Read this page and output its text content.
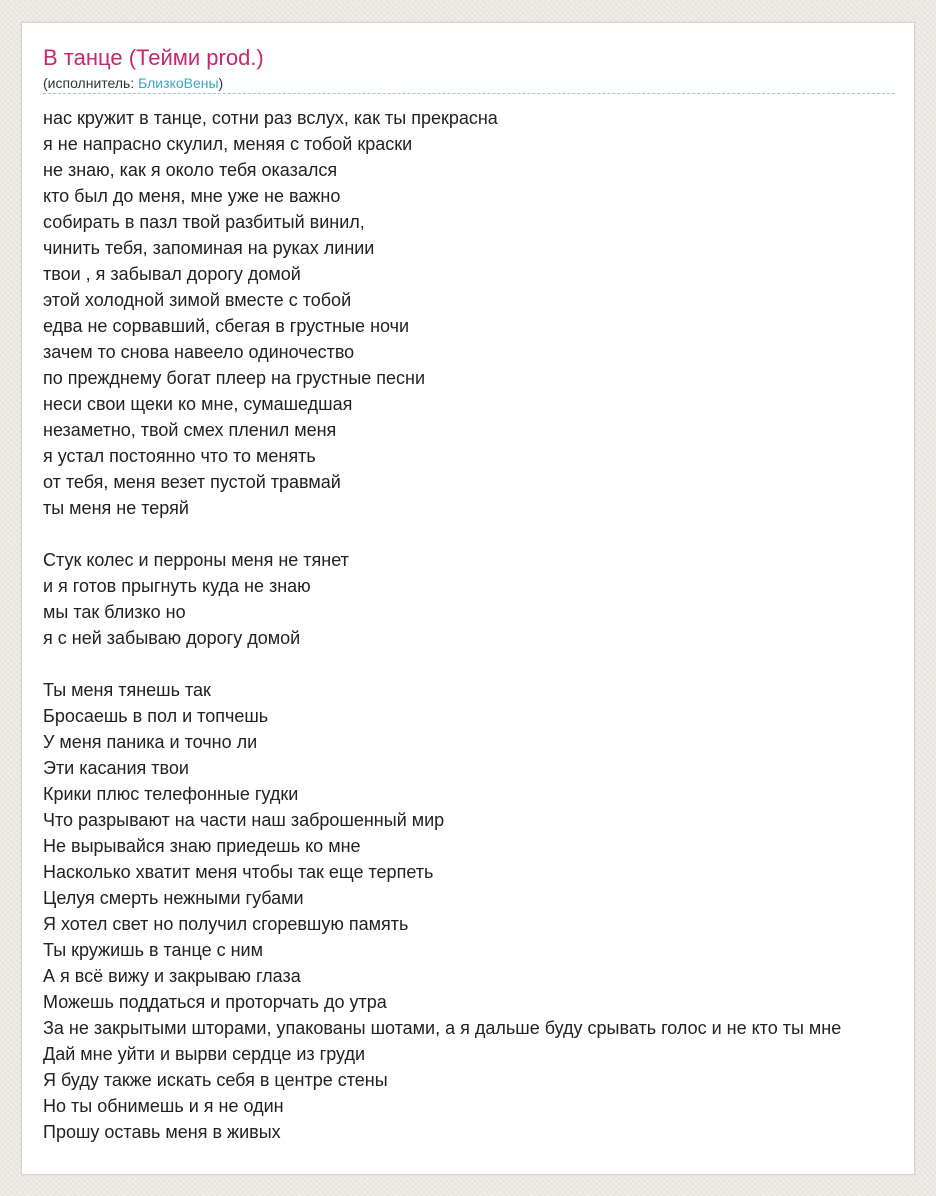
В танце (Тейми prod.)
(исполнитель: БлизкоВены)
нас кружит в танце, сотни раз вслух, как ты прекрасна
я не напрасно скулил, меняя с тобой краски
не знаю, как я около тебя оказался
кто был до меня, мне уже не важно
собирать в пазл твой разбитый винил,
чинить тебя, запоминая на руках линии
твои , я забывал дорогу домой
этой холодной зимой вместе с тобой
едва не сорвавший, сбегая в грустные ночи
зачем то снова навеело одиночество
по прежднему богат плеер на грустные песни
неси свои щеки ко мне, сумашедшая
незаметно, твой смех пленил меня
я устал постоянно что то менять
от тебя, меня везет пустой травмай
ты меня не теряй
Стук колес и перроны меня не тянет
и я готов прыгнуть куда не знаю
мы так близко но
я с ней забываю дорогу домой
Ты меня тянешь так
Бросаешь в пол и топчешь
У меня паника и точно ли
Эти касания твои
Крики плюс телефонные гудки
Что разрывают на части наш заброшенный мир
Не вырывайся знаю приедешь ко мне
Насколько хватит меня чтобы так еще терпеть
Целуя смерть нежными губами
Я хотел свет но получил сгоревшую память
Ты кружишь в танце с ним
А я всё вижу и закрываю глаза
Можешь поддаться и проторчать до утра
За не закрытыми шторами, упакованы шотами, а я дальше буду срывать голос и не кто ты мне
Дай мне уйти и вырви сердце из груди
Я буду также искать себя в центре стены
Но ты обнимешь и я не один
Прошу оставь меня в живых
